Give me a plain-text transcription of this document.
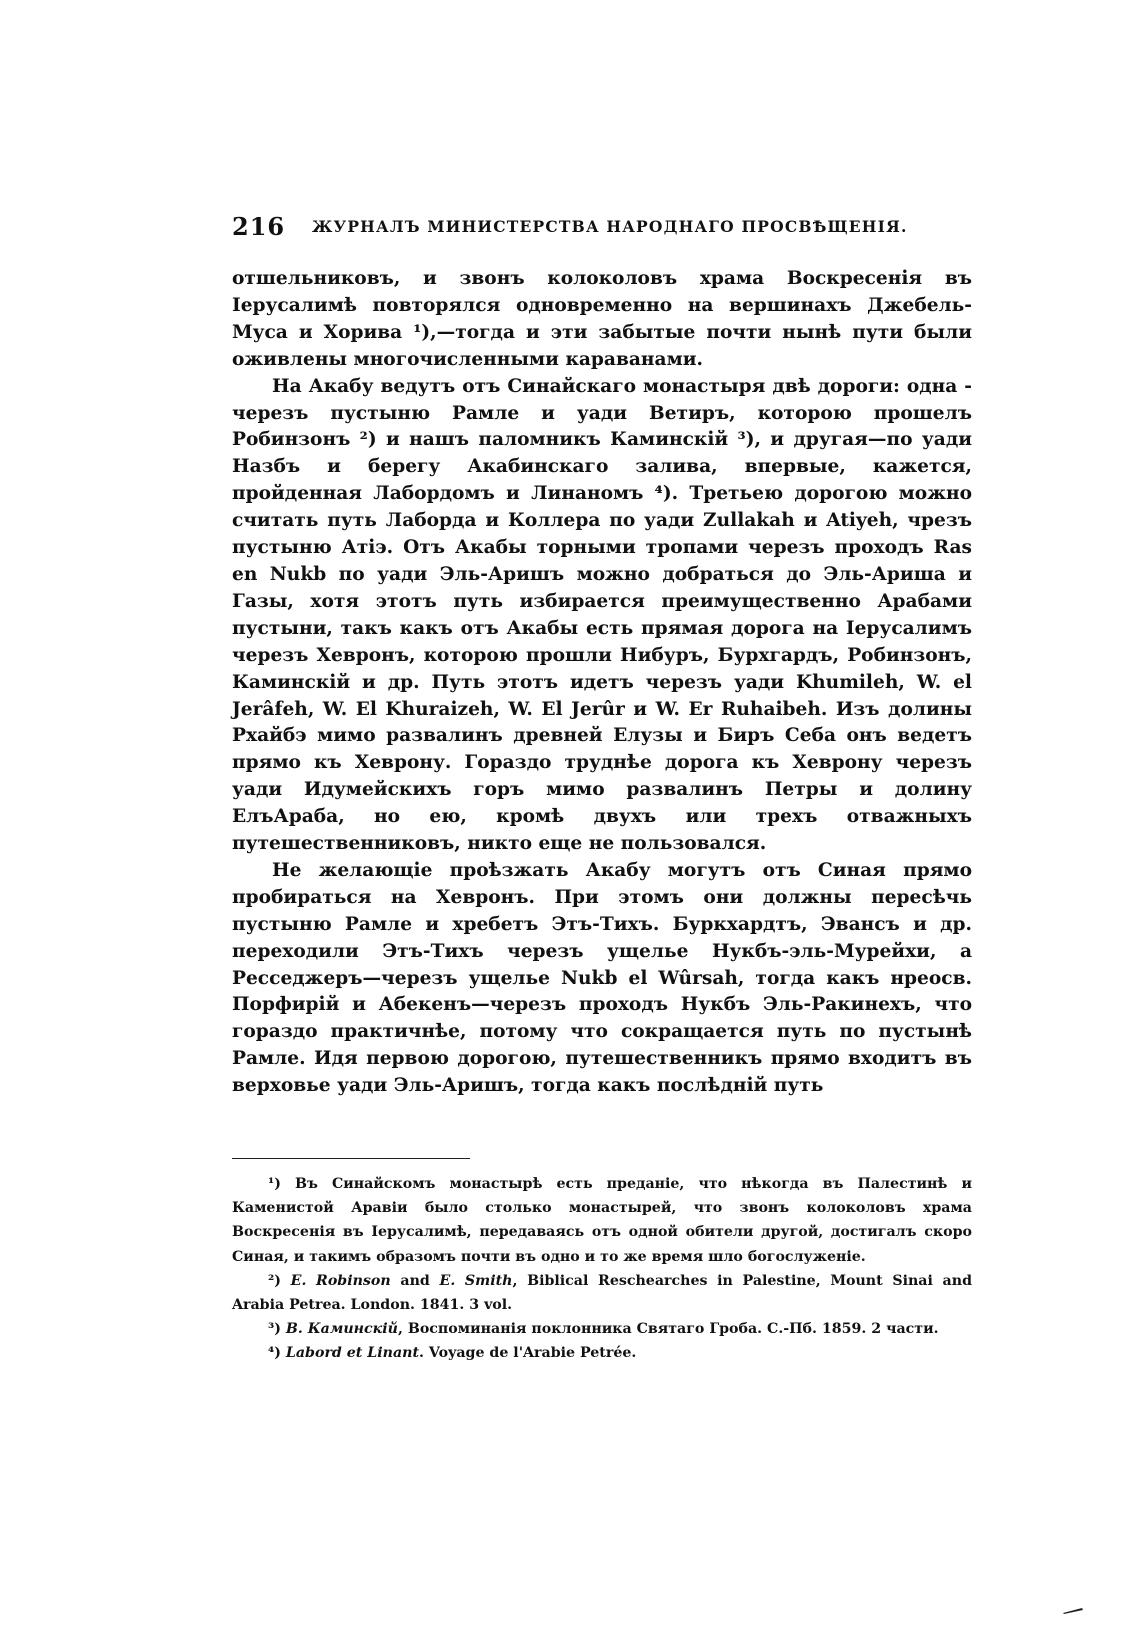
216 ЖУРНАЛЪ МИНИСТЕРСТВА НАРОДНАГО ПРОСВѢЩЕНІЯ.

отшельниковъ, и звонъ колоколовъ храма Воскресенія въ Іерусалимѣ повторялся одновременно на вершинахъ Джебель-Муса и Хорива ¹),—тогда и эти забытые почти нынѣ пути были оживлены многочисленными караванами.

На Акабу ведутъ отъ Синайскаго монастыря двѣ дороги: одна - черезъ пустыню Рамле и уади Ветиръ, которою прошелъ Робинзонъ ²) и нашъ паломникъ Каминскій ³), и другая—по уади Назбъ и берегу Акабинскаго залива, впервые, кажется, пройденная Лабордомъ и Линаномъ ⁴). Третьею дорогою можно считать путь Лаборда и Коллера по уади Zullakah и Atiyeh, чрезъ пустыню Атіэ. Отъ Акабы торными тропами черезъ проходъ Ras en Nukb по уади Эль-Аришъ можно добраться до Эль-Ариша и Газы, хотя этотъ путь избирается преимущественно Арабами пустыни, такъ какъ отъ Акабы есть прямая дорога на Іерусалимъ черезъ Хевронъ, которою прошли Нибуръ, Бурхгардъ, Робинзонъ, Каминскій и др. Путь этотъ идетъ черезъ уади Khumileh, W. el Jerâfeh, W. El Khuraizeh, W. El Jerûr и W. Er Ruhaibeh. Изъ долины Рхайбэ мимо развалинъ древней Елузы и Биръ Себа онъ ведетъ прямо къ Хеврону. Гораздо труднѣе дорога къ Хеврону черезъ уади Идумейскихъ горъ мимо развалинъ Петры и долину ЕлъАраба, но ею, кромѣ двухъ или трехъ отважныхъ путешественниковъ, никто еще не пользовался.

Не желающіе проѣзжать Акабу могутъ отъ Синая прямо пробираться на Хевронъ. При этомъ они должны пересѣчь пустыню Рамле и хребетъ Этъ-Тихъ. Буркхардтъ, Эвансъ и др. переходили Этъ-Тихъ черезъ ущелье Нукбъ-эль-Мурейхи, а Ресседжеръ—черезъ ущелье Nukb el Wûrsah, тогда какъ нреосв. Порфирій и Абекенъ—черезъ проходъ Нукбъ Эль-Ракинехъ, что гораздо практичнѣе, потому что сокращается путь по пустынѣ Рамле. Идя первою дорогою, путешественникъ прямо входитъ въ верховье уади Эль-Аришъ, тогда какъ послѣдній путь

¹) Въ Синайскомъ монастырѣ есть преданіе, что нѣкогда въ Палестинѣ и Каменистой Аравіи было столько монастырей, что звонъ колоколовъ храма Воскресенія въ Іерусалимѣ, передаваясь отъ одной обители другой, достигалъ скоро Синая, и такимъ образомъ почти въ одно и то же время шло богослуженіе.

²) E. Robinson and E. Smith, Biblical Reschearches in Palestine, Mount Sinai and Arabia Petrea. London. 1841. 3 vol.

³) В. Каминскій, Воспоминанія поклонника Святаго Гроба. С.-Пб. 1859. 2 части.

⁴) Labord et Linant. Voyage de l'Arabie Petrée.
